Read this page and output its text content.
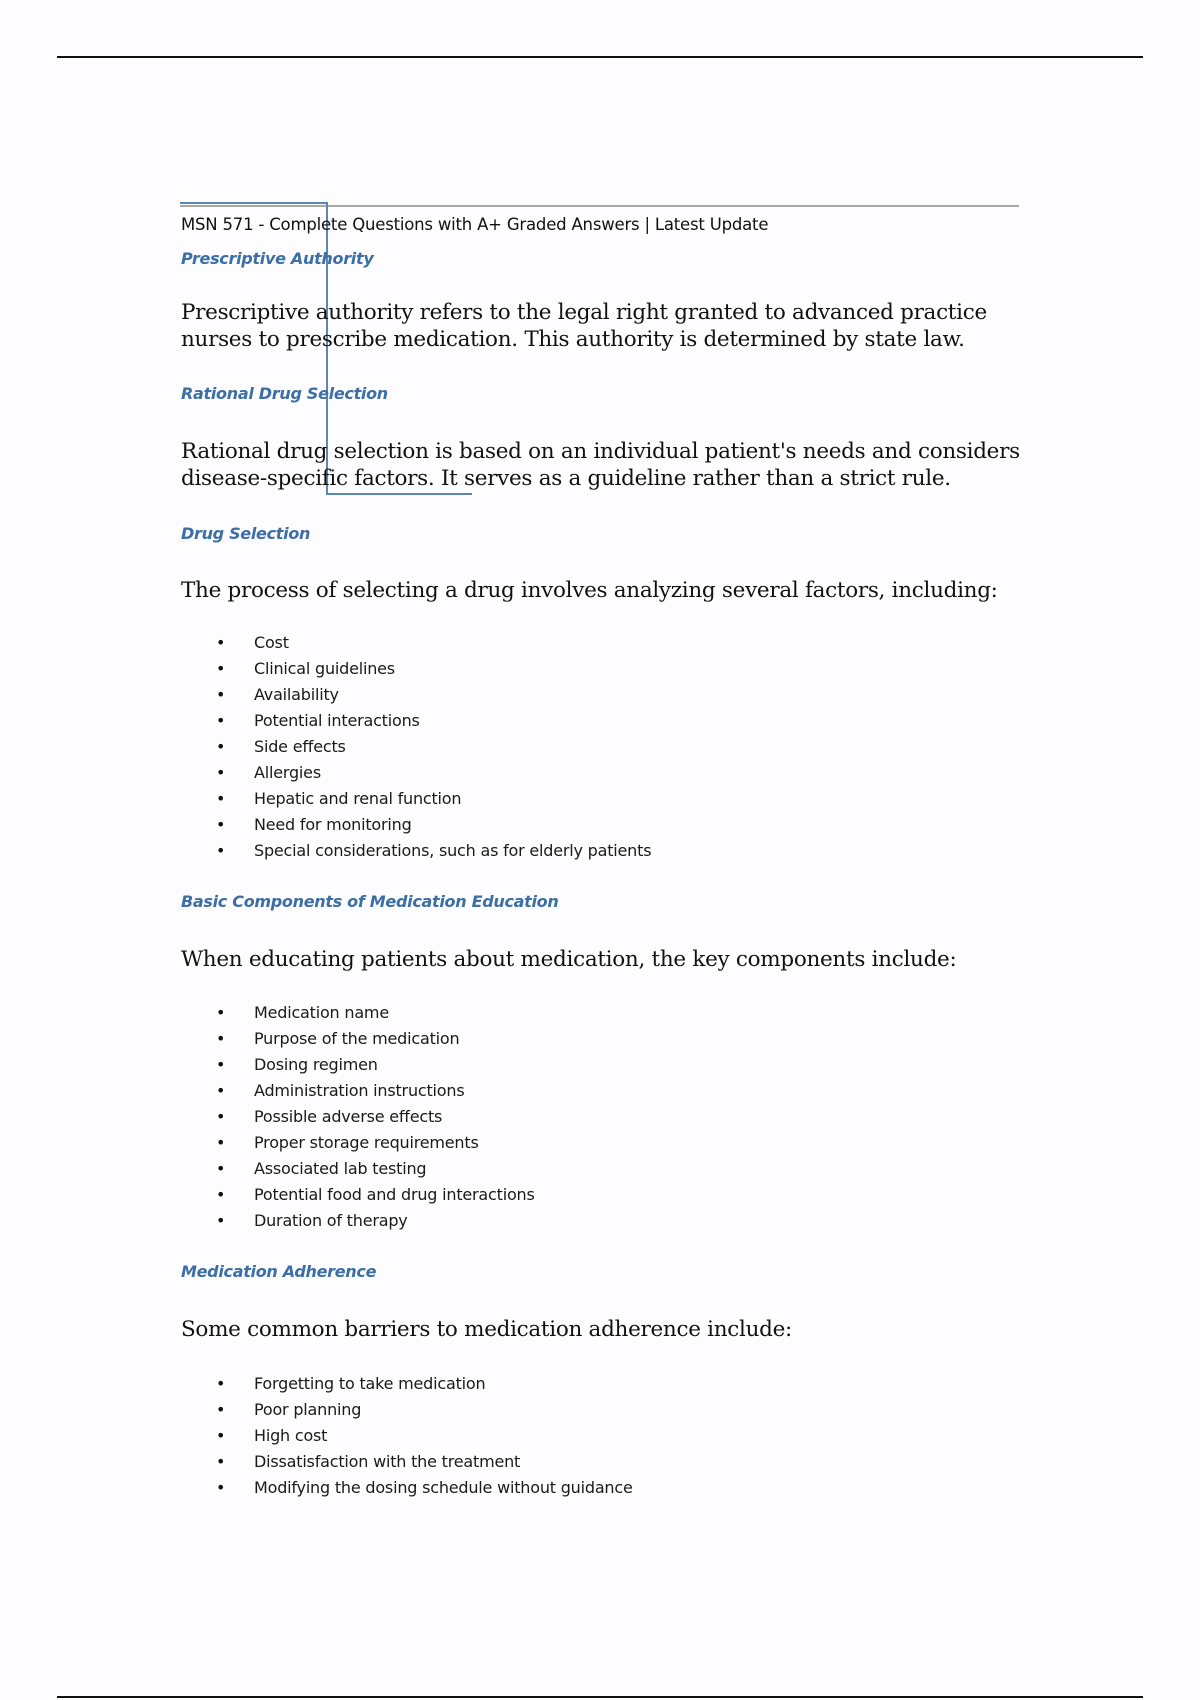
MSN 571 - Complete Questions with A+ Graded Answers | Latest Update

Prescriptive Authority

Prescriptive authority refers to the legal right granted to advanced practice nurses to prescribe medication. This authority is determined by state law.

Rational Drug Selection

Rational drug selection is based on an individual patient's needs and considers disease-specific factors. It serves as a guideline rather than a strict rule.

Drug Selection

The process of selecting a drug involves analyzing several factors, including:

• Cost
• Clinical guidelines
• Availability
• Potential interactions
• Side effects
• Allergies
• Hepatic and renal function
• Need for monitoring
• Special considerations, such as for elderly patients
Basic Components of Medication Education

When educating patients about medication, the key components include:

• Medication name
• Purpose of the medication
• Dosing regimen
• Administration instructions
• Possible adverse effects
• Proper storage requirements
• Associated lab testing
• Potential food and drug interactions
• Duration of therapy
Medication Adherence

Some common barriers to medication adherence include:

• Forgetting to take medication
• Poor planning
• High cost
• Dissatisfaction with the treatment
• Modifying the dosing schedule without guidance
